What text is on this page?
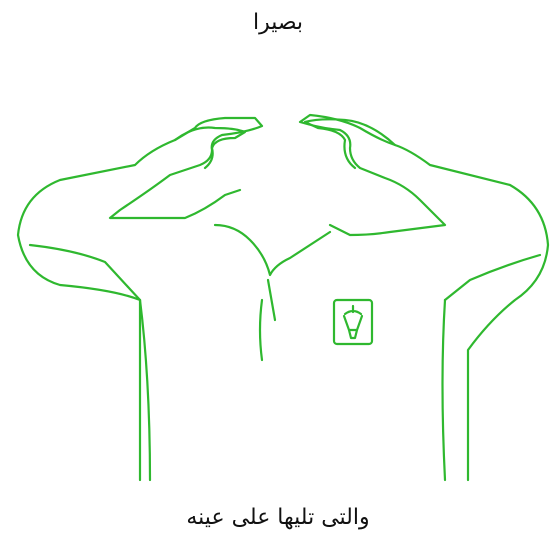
بصيرا
والتى تليها على عينه
